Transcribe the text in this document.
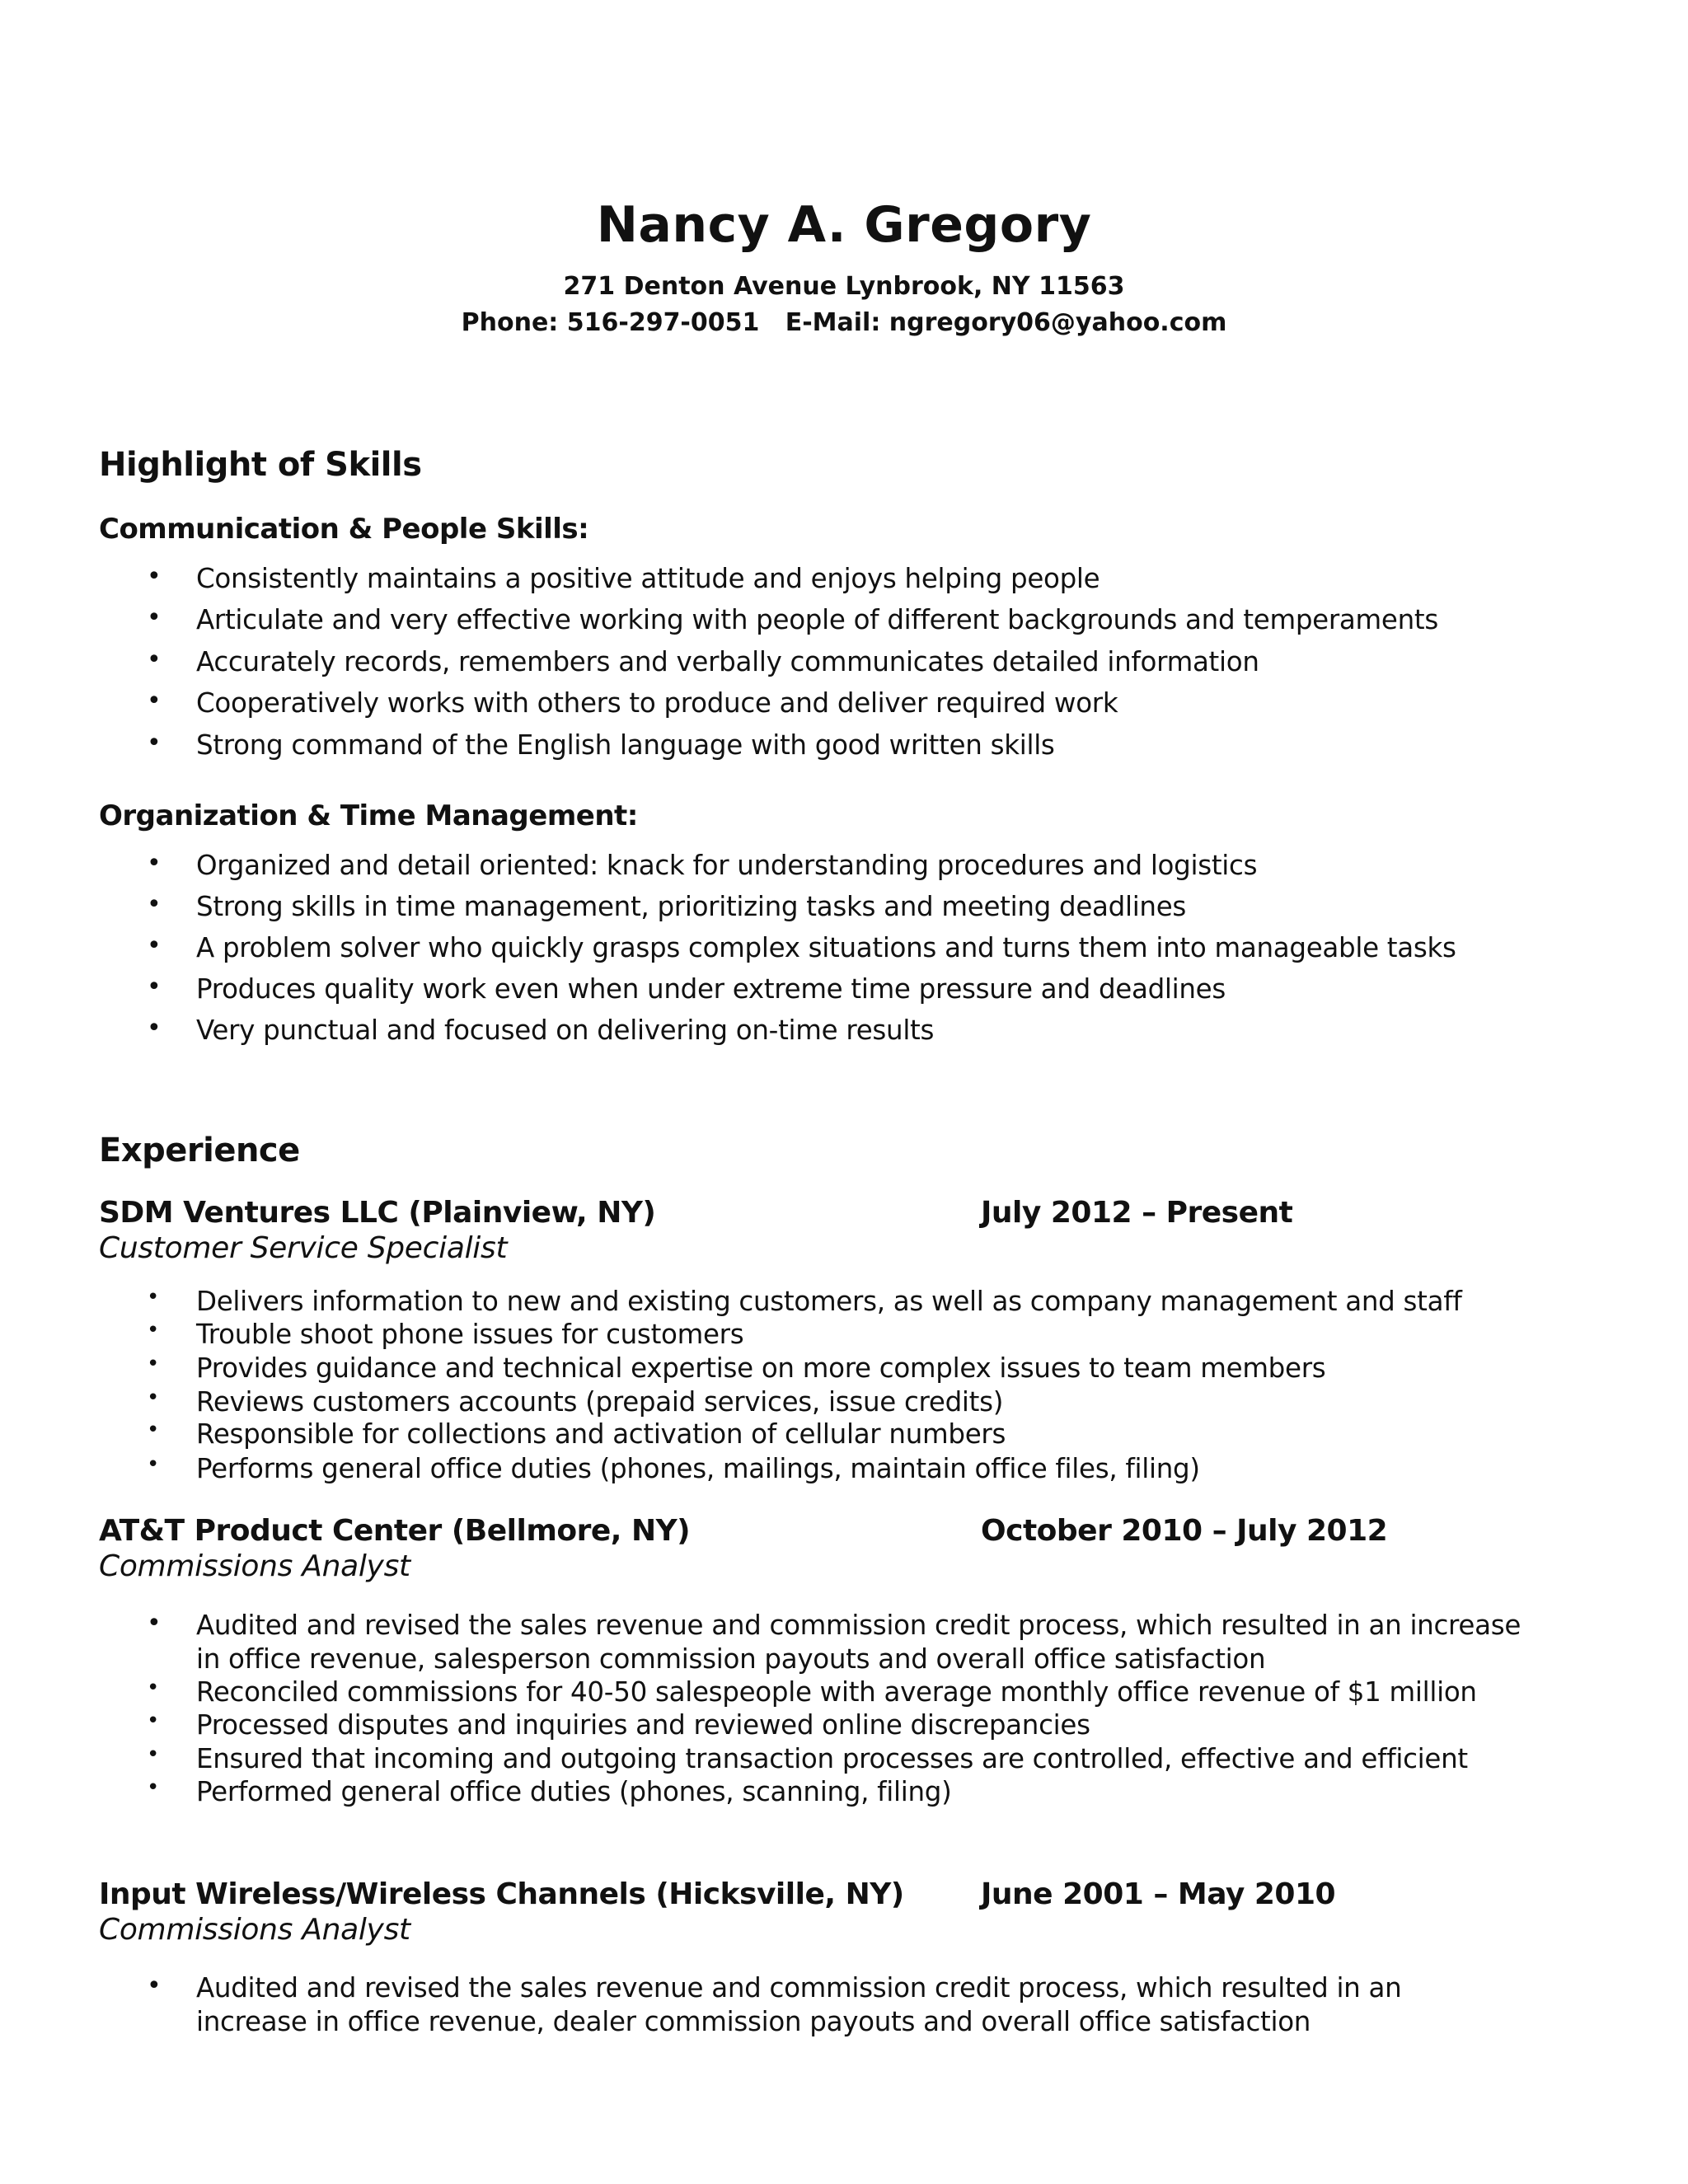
Nancy A. Gregory
271 Denton Avenue Lynbrook, NY 11563
Phone: 516-297-0051   E-Mail: ngregory06@yahoo.com
Highlight of Skills
Communication & People Skills:
• Consistently maintains a positive attitude and enjoys helping people
• Articulate and very effective working with people of different backgrounds and temperaments
• Accurately records, remembers and verbally communicates detailed information
• Cooperatively works with others to produce and deliver required work
• Strong command of the English language with good written skills
Organization & Time Management:
• Organized and detail oriented: knack for understanding procedures and logistics
• Strong skills in time management, prioritizing tasks and meeting deadlines
• A problem solver who quickly grasps complex situations and turns them into manageable tasks
• Produces quality work even when under extreme time pressure and deadlines
• Very punctual and focused on delivering on-time results
Experience
SDM Ventures LLC (Plainview, NY)	July 2012 – Present
Customer Service Specialist
• Delivers information to new and existing customers, as well as company management and staff
• Trouble shoot phone issues for customers
• Provides guidance and technical expertise on more complex issues to team members
• Reviews customers accounts (prepaid services, issue credits)
• Responsible for collections and activation of cellular numbers
• Performs general office duties (phones, mailings, maintain office files, filing)
AT&T Product Center (Bellmore, NY)	October 2010 – July 2012
Commissions Analyst
• Audited and revised the sales revenue and commission credit process, which resulted in an increase in office revenue, salesperson commission payouts and overall office satisfaction
• Reconciled commissions for 40-50 salespeople with average monthly office revenue of $1 million
• Processed disputes and inquiries and reviewed online discrepancies
• Ensured that incoming and outgoing transaction processes are controlled, effective and efficient
• Performed general office duties (phones, scanning, filing)
Input Wireless/Wireless Channels (Hicksville, NY)	June 2001 – May 2010
Commissions Analyst
• Audited and revised the sales revenue and commission credit process, which resulted in an increase in office revenue, dealer commission payouts and overall office satisfaction
